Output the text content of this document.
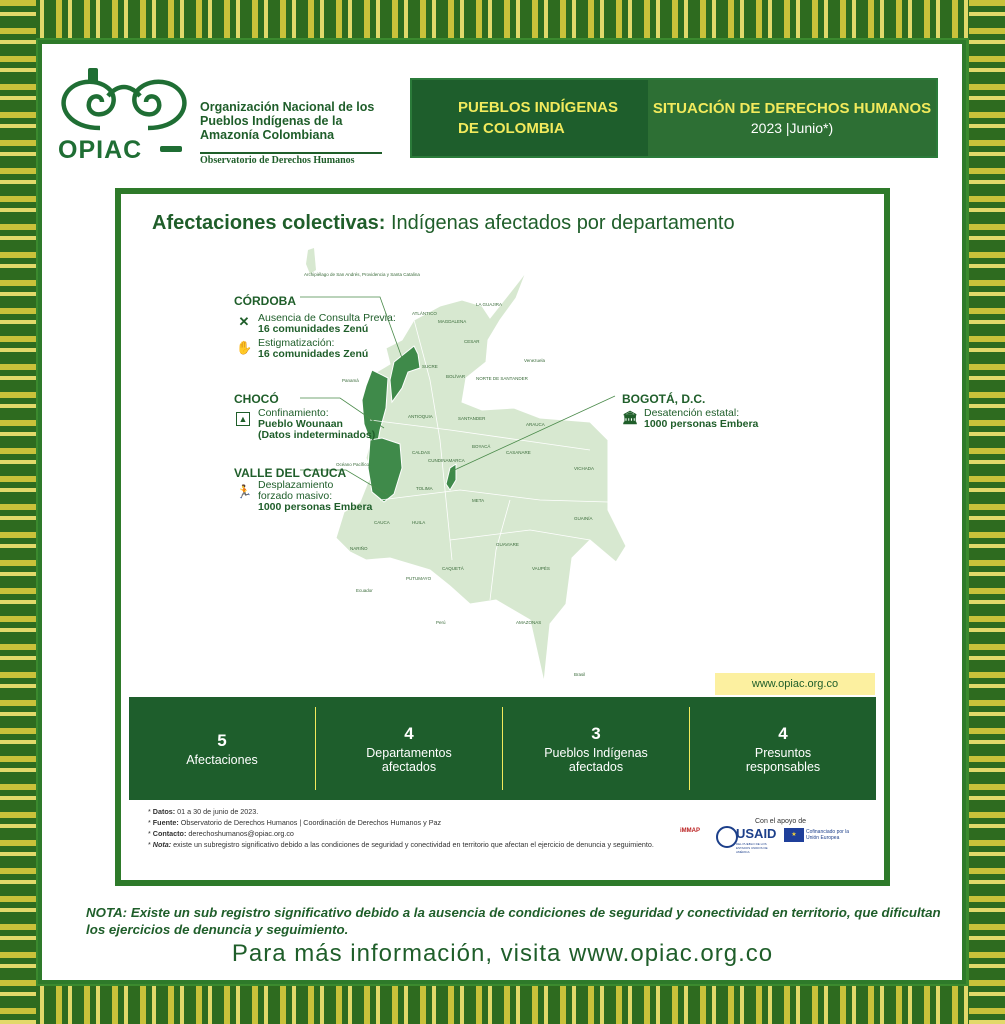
OPIAC
Organización Nacional de los Pueblos Indígenas de la Amazonía Colombiana
Observatorio de Derechos Humanos
PUEBLOS INDÍGENAS
DE COLOMBIA
SITUACIÓN DE DERECHOS HUMANOS
2023 |Junio*)
Afectaciones colectivas: Indígenas afectados por departamento
Archipiélago de San Andrés, Providencia y Santa Catalina
LA GUAJIRA
ATLÁNTICO
MAGDALENA
CESAR
SUCRE
BOLÍVAR NORTE DE SANTANDER
Venezuela
Panamá
ANTIOQUIA	SANTANDER
ARAUCA
BOYACÁ
CASANARE
CALDAS
CUNDINAMARCA
VICHADA
Océano Pacífico
TOLIMA
META
CAUCA	HUILA
GUAINÍA
NARIÑO
GUAVIARE
CAQUETÁ	VAUPÉS
PUTUMAYO
Ecuador
AMAZONAS
Perú
Brasil
CÓRDOBA
✕ Ausencia de Consulta Previa:
16 comunidades Zenú
✋ Estigmatización:
16 comunidades Zenú
CHOCÓ
▲ Confinamiento:
Pueblo Wounaan
(Datos indeterminados)
VALLE DEL CAUCA
🏃 Desplazamiento
forzado masivo:
1000 personas Embera
BOGOTÁ, D.C.
🏛 Desatención estatal:
1000 personas Embera
www.opiac.org.co
5
Afectaciones
4
Departamentos afectados
3
Pueblos Indígenas afectados
4
Presuntos responsables
* Datos: 01 a 30 de junio de 2023.
* Fuente: Observatorio de Derechos Humanos | Coordinación de Derechos Humanos y Paz
* Contacto: derechoshumanos@opiac.org.co
* Nota: existe un subregistro significativo debido a las condiciones de seguridad y conectividad en territorio que afectan el ejercicio de denuncia y seguimiento.
Con el apoyo de
iMMAP	USAID
DEL PUEBLO DE LOS ESTADOS UNIDOS DE AMÉRICA
★	Cofinanciado por la Unión Europea
NOTA: Existe un sub registro significativo debido a la ausencia de condiciones de seguridad y conectividad en territorio, que dificultan los ejercicios de denuncia y seguimiento.
Para más información, visita www.opiac.org.co
